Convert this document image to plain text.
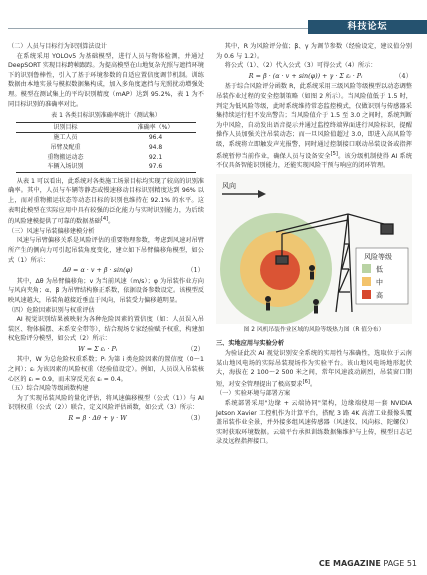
科技论坛

（二）人员与目标行为识别算法设计

在系统采用 YOLOv5 为基础模型，进行人员与物体检测，并通过 DeepSORT 实现目标跨帧跟踪。为提高模型在山地复杂光照与遮挡环境下的识别鲁棒性，引入了基于环境参数的自适应置信度调节机制。训练数据由本地实景与模拟数据集构成，加入多角度遮挡与光照扰动增强处理。模型在测试集上的平均识别精度（mAP）达到 95.2%，表 1 为不同目标识别的准确率对比。

表 1 各类目标识别准确率统计（测试集）
识别目标	准确率（%）
施工人员	96.4
吊臂及配重	94.8
重物搬运动态	92.1
车辆入场识别	97.6

从表 1 可以看出，此系统对各类施工场景目标均实现了较高的识别准确率。其中，人员与车辆等静态或慢速移动目标识别精度达到 96% 以上，而对重物搬运状态等动态目标的识别也维持在 92.1% 的水平。这表明此模型在实际应用中具有较强的泛化能力与实时识别能力，为后续的风险建模提供了可靠的数据基础[4]。

（三）风速与吊装偏移建模分析

风速与吊臂偏移关系是风险评估的重要物理参数，考虑到风速对吊臂所产生的侧向力可引起吊装角度变化，建立如下吊臂偏移角模型，如公式（1）所示：

Δθ = α · v + β · sin(φ)	（1）

其中，Δθ 为吊臂偏移角；v 为当前风速（m/s）；φ 为吊装作业方向与风向夹角；α、β 为吊臂结构修正系数，依据设备参数设定。该模型反映风速越大，吊装角越接近垂直于风向，吊装受力偏移越明显。

（四）危险因素识别与权重评估

AI 视觉识别结果被映射为各种危险因素的置信度（如：人员误入吊装区、物体摇摆、未系安全带等），结合现场专家经验赋予权重，构建加权危险评分模型，如公式（2）所示：

W = Σ εᵢ · Pᵢ	（2）

其中，W 为总危险权重系数；Pᵢ 为第 i 类危险因素的置信度（0～1 之间）；εᵢ 为该因素的风险权重（经验值设定）。例如，人员误入吊装核心区的 εᵢ = 0.9，而未穿反光衣 εᵢ = 0.4。

（五）综合风险等级函数构建

为了实现吊装风险的量化评估，将风速偏移模型（公式（1））与 AI 识别权重（公式（2））联合，定义风险评估函数，如公式（3）所示：

R = β · Δθ + γ · W	（3）

其中，R 为风险评分值；β、γ 为调节参数（经验设定，建议值分别为 0.6 与 1.2）。

将公式（1）、（2）代入公式（3）可得公式（4）所示：

R = β · (α · v + sin(φ)) + γ · Σ εᵢ · Pᵢ	（4）

基于综合风险评分函数 R，此系统采用三级风险等级模型以动态调整吊装作业过程的安全控制策略（如图 2 所示）。当风险值低于 1.5 时，判定为低风险等级，此时系统维持常态监控模式，仅做识别与传感器采集持续运行但不发出警告；当风险值介于 1.5 至 3.0 之间时，系统判断为中风险，自动发出语音提示并通过监控终端界面进行风险标识，提醒操作人员加强关注吊装动态；而一旦风险值超过 3.0，即进入高风险等级，系统将立即触发声光报警，同时通过控制接口联动吊装设备或指挥系统暂停当前作业，确保人员与设备安全[5]。该分级机制使得 AI 系统不仅具备智能识别能力，还能实现风险干预与响应的闭环管理。

风向
风险等级
低
中
高

图 2 风机吊装作业区域的风险等级热力图（R 值分布）

三、实地应用与实验分析

为验证此次 AI 视觉识别安全系统的实用性与准确性，选取位于云南某山地风电场的实际吊装现场作为实验平台。该山地风电场地形起伏大，海拔在 2 100～2 500 米之间，常年风速波动剧烈，吊装窗口期短，对安全管理提出了极高要求[6]。

（一）实验环境与部署方案

系统部署采用"边缘 + 云端协同"架构，边缘端使用一套 NVIDIA Jetson Xavier 工控机作为计算平台，搭配 3 路 4K 高清工业摄像头覆盖吊装作业全景，并外接多组风速传感器（风速仪、风向标、陀螺仪）实时获取环境数据。云端平台承担训练数据集维护与上传，模型日志记录及远程指挥接口。

CE MAGAZINE PAGE 51
